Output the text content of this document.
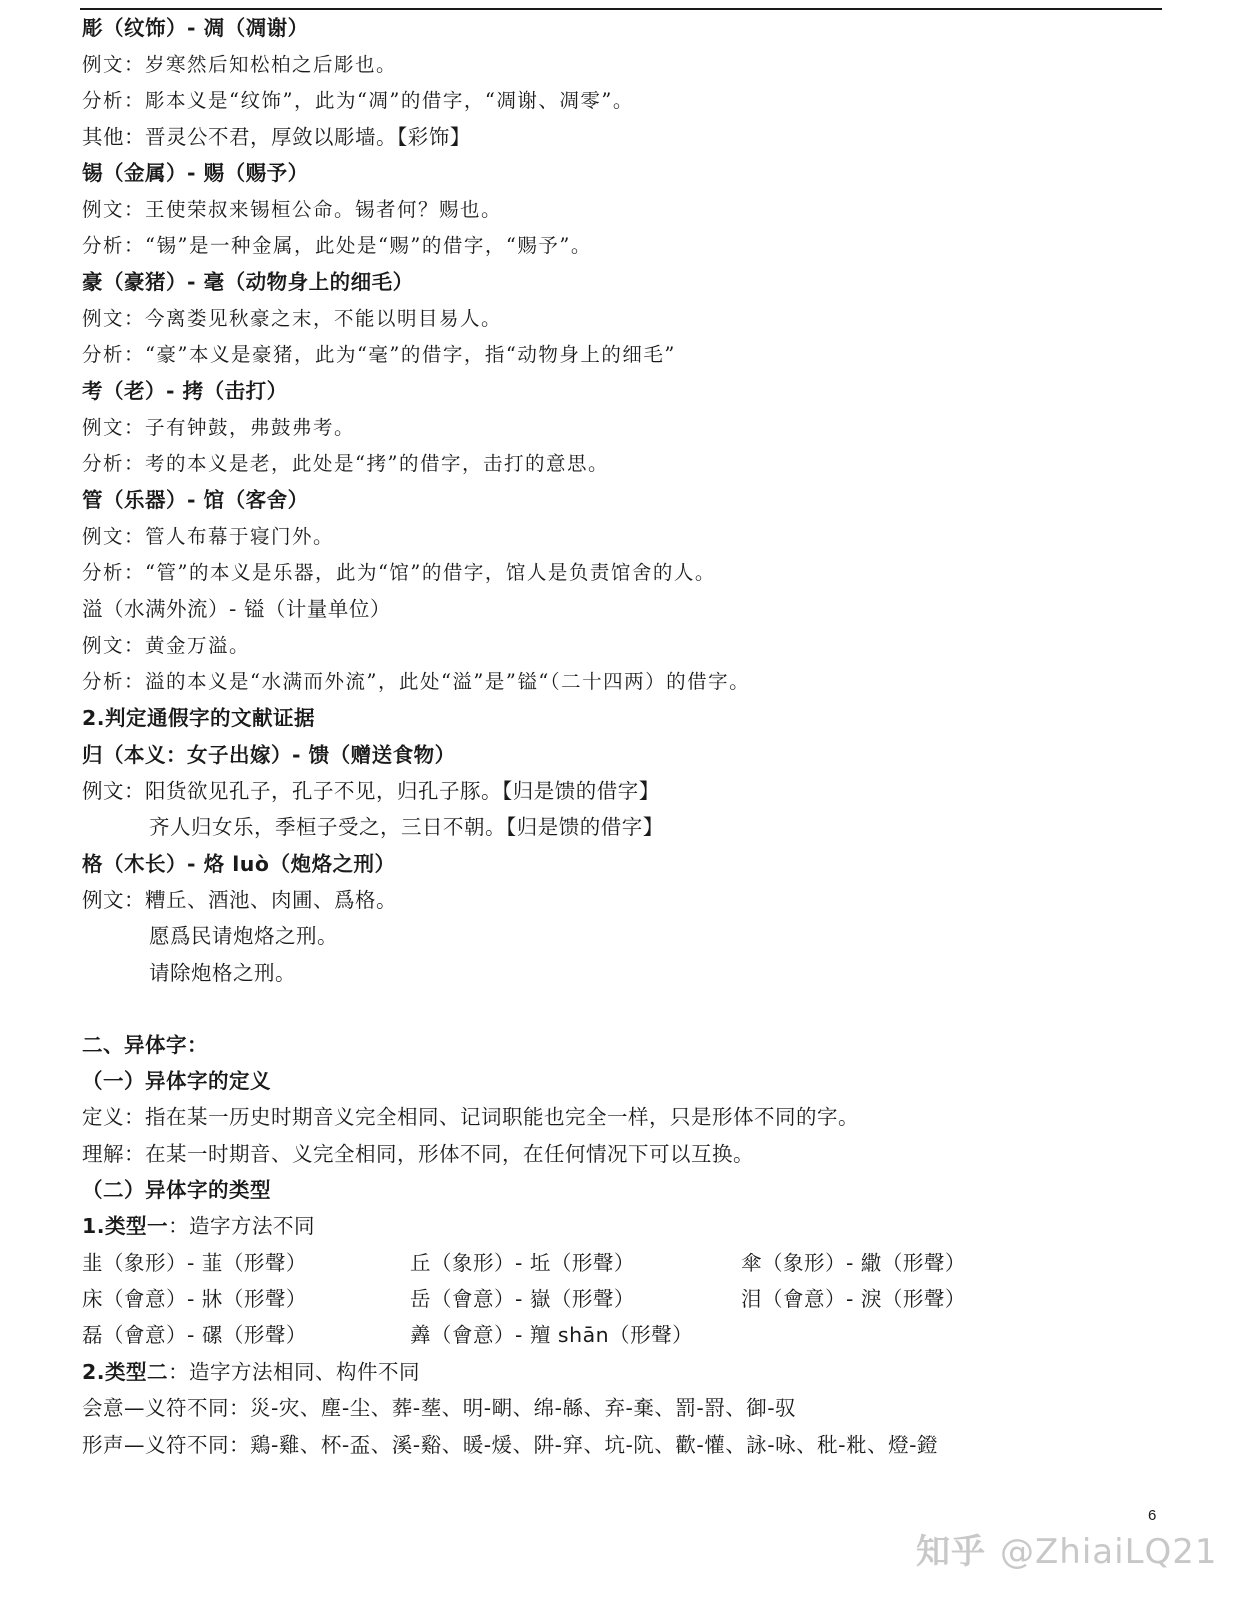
彫（纹饰）- 凋（凋谢）
例文：岁寒然后知松柏之后彫也。
分析：彫本义是“纹饰”，此为“凋”的借字，“凋谢、凋零”。
其他：晋灵公不君，厚敛以彫墙。【彩饰】
锡（金属）- 赐（赐予）
例文：王使荣叔来锡桓公命。锡者何？赐也。
分析：“锡”是一种金属，此处是“赐”的借字，“赐予”。
豪（豪猪）- 毫（动物身上的细毛）
例文：今离娄见秋豪之末，不能以明目易人。
分析：“豪”本义是豪猪，此为“毫”的借字，指“动物身上的细毛”
考（老）- 拷（击打）
例文：子有钟鼓，弗鼓弗考。
分析：考的本义是老，此处是“拷”的借字，击打的意思。
管（乐器）- 馆（客舍）
例文：管人布幕于寝门外。
分析：“管”的本义是乐器，此为“馆”的借字，馆人是负责馆舍的人。
溢（水满外流）- 镒（计量单位）
例文：黄金万溢。
分析：溢的本义是“水满而外流”，此处“溢”是”镒“（二十四两）的借字。
2.判定通假字的文献证据
归（本义：女子出嫁）- 馈（赠送食物）
例文：阳货欲见孔子，孔子不见，归孔子豚。【归是馈的借字】
齐人归女乐，季桓子受之，三日不朝。【归是馈的借字】
格（木长）- 烙 luò（炮烙之刑）
例文：糟丘、酒池、肉圃、爲格。
愿爲民请炮烙之刑。
请除炮格之刑。
二、异体字：
（一）异体字的定义
定义：指在某一历史时期音义完全相同、记词职能也完全一样，只是形体不同的字。
理解：在某一时期音、义完全相同，形体不同，在任何情况下可以互换。
（二）异体字的类型
1.类型一：造字方法不同
韭（象形）- 韮（形聲）	丘（象形）- 坵（形聲）	傘（象形）- 繖（形聲）
床（會意）- 牀（形聲）	岳（會意）- 嶽（形聲）	泪（會意）- 淚（形聲）
磊（會意）- 磥（形聲）	羴（會意）- 羶 shān（形聲）
2.类型二：造字方法相同、构件不同
会意—义符不同：災-灾、塵-尘、葬-塟、明-朙、绵-緜、弃-棄、罰-罸、御-驭
形声—义符不同：鶏-雞、杯-盃、溪-谿、暖-煖、阱-穽、坑-阬、歡-懽、詠-咏、秕-粃、燈-鐙
6
知乎 @ZhiaiLQ21
